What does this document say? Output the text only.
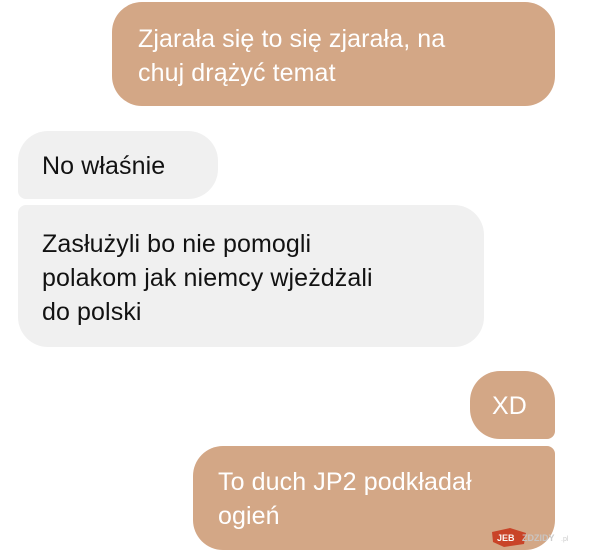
Zjarała się to się zjarała, na
chuj drążyć temat
No właśnie
Zasłużyli bo nie pomogli
polakom jak niemcy wjeżdżali
do polski
XD
To duch JP2 podkładał
ogień
JEB ZDZIDY .pl
